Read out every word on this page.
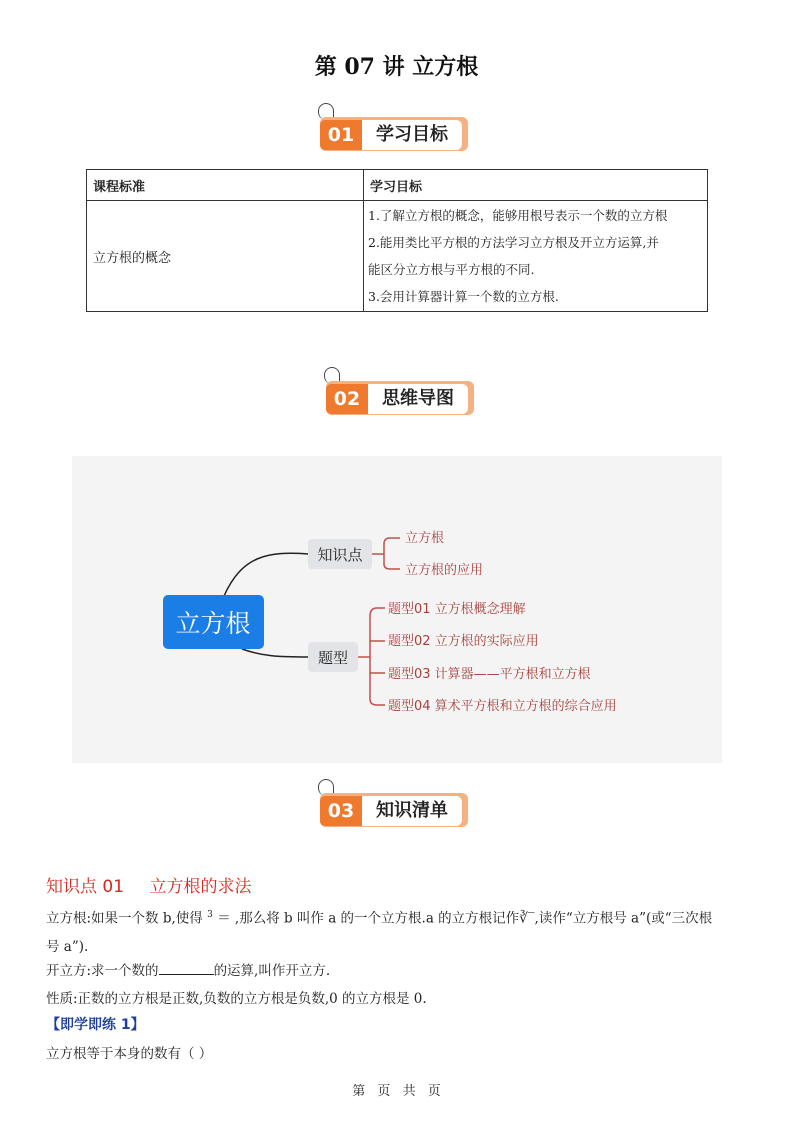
第 07 讲 立方根
01	学习目标
课程标准	学习目标
立方根的概念	1.了解立方根的概念，能够用根号表示一个数的立方根
2.能用类比平方根的方法学习立方根及开立方运算,并
能区分立方根与平方根的不同.
3.会用计算器计算一个数的立方根.
02	思维导图
立方根
知识点
题型
立方根
立方根的应用
题型01 立方根概念理解
题型02 立方根的实际应用
题型03 计算器——平方根和立方根
题型04 算术平方根和立方根的综合应用
03	知识清单
知识点 01 立方根的求法
立方根:如果一个数 b,使得 $^3$ ＝ ,那么将 b 叫作 a 的一个立方根.a 的立方根记作∛‾,读作“立方根号 a”(或“三次根
号 a”).
开立方:求一个数的	的运算,叫作开立方.
性质:正数的立方根是正数,负数的立方根是负数,0 的立方根是 0.
【即学即练 1】
立方根等于本身的数有（ ）
第 页 共 页
